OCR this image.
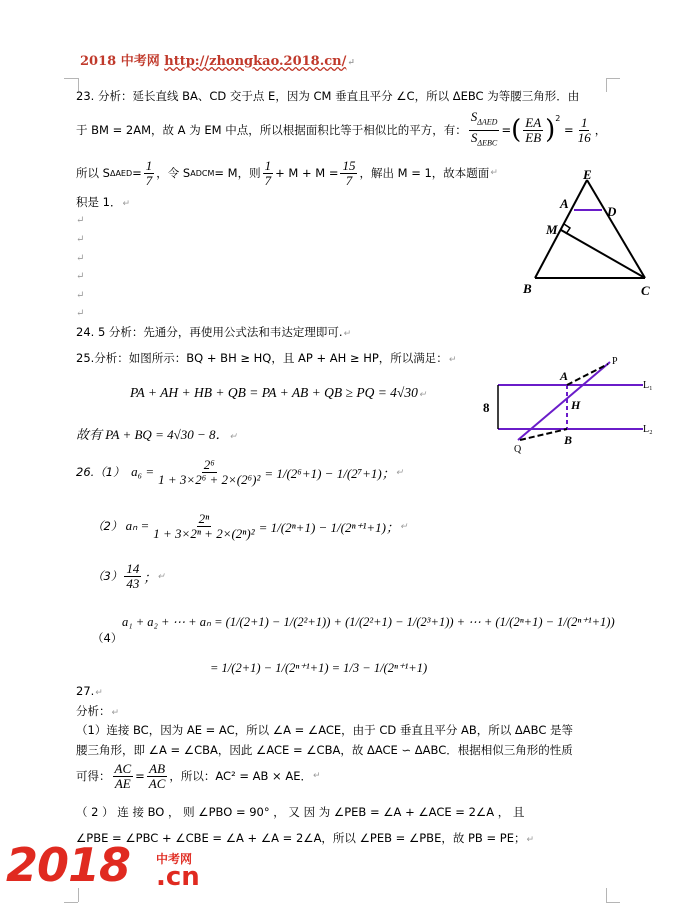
2018 中考网 http://zhongkao.2018.cn/↵
23. 分析：延长直线 BA、CD 交于点 E，因为 CM 垂直且平分 ∠C，所以 ΔEBC 为等腰三角形．由
于 BM = 2AM，故 A 为 EM 中点，所以根据面积比等于相似比的平方，有： $\frac{S_{\Delta AED}}{S_{\Delta EBC}}$ = ( $\frac{EA}{EB} )^2$
= $\frac{1}{16}$ ，
所以 S $\Delta AED = \frac{1}{7}$ ，令 S ADCM = M，则 $\frac{1}{7} + M + M = \frac{15}{7}$ ，解出 M = 1，故本题面 ↵
积是 1．↵
↵
↵
↵
↵
↵
↵
E
A
D
M
B	C
24. 5 分析：先通分，再使用公式法和韦达定理即可.↵
25.分析：如图所示：BQ + BH ≥ HQ，且 AP + AH ≥ HP，所以满足：↵
PA + AH + HB + QB = PA + AB + QB ≥ PQ = 4√30↵
故有 PA + BQ = 4√30 − 8．↵
P
A
H
B
Q
L₁
L₂
8
26.（1）
$a_6 = \frac{\text{2⁶}}{\text{1 + 3×2⁶ + 2×(2⁶)²}} = 1/(2^6+1) - 1/(2^7+1)$； ↵
（2）
$a_n = \frac{\text{2ⁿ}}{\text{1 + 3×2ⁿ + 2×(2ⁿ)²}} = 1/(2^n+1) - 1/(2^{n+1}+1)$； ↵
$(3) \frac{14}{43}$ ； ↵
（4）
a₁ + a₂ + ⋯ + aₙ = (1/(2+1) − 1/(2²+1)) + (1/(2²+1) − 1/(2³+1)) + ⋯ + (1/(2ⁿ+1) − 1/(2ⁿ⁺¹+1))
= 1/(2+1) − 1/(2ⁿ⁺¹+1) = 1/3 − 1/(2ⁿ⁺¹+1)
27.↵
分析：↵
（1）连接 BC，因为 AE = AC，所以 ∠A = ∠ACE，由于 CD 垂直且平分 AB，所以 ΔABC 是等
腰三角形，即 ∠A = ∠CBA，因此 ∠ACE = ∠CBA，故 ΔACE ∽ ΔABC．根据相似三角形的性质
可得： $\frac{AC}{AE} = \frac{AB}{AC}$ ，所以：AC² = AB × AE． ↵
（ 2 ） 连 接 BO ， 则 ∠PBO = 90° ， 又 因 为 ∠PEB = ∠A + ∠ACE = 2∠A ， 且
∠PBE = ∠PBC + ∠CBE = ∠A + ∠A = 2∠A，所以 ∠PEB = ∠PBE，故 PB = PE；↵
2018 中考网
.cn
